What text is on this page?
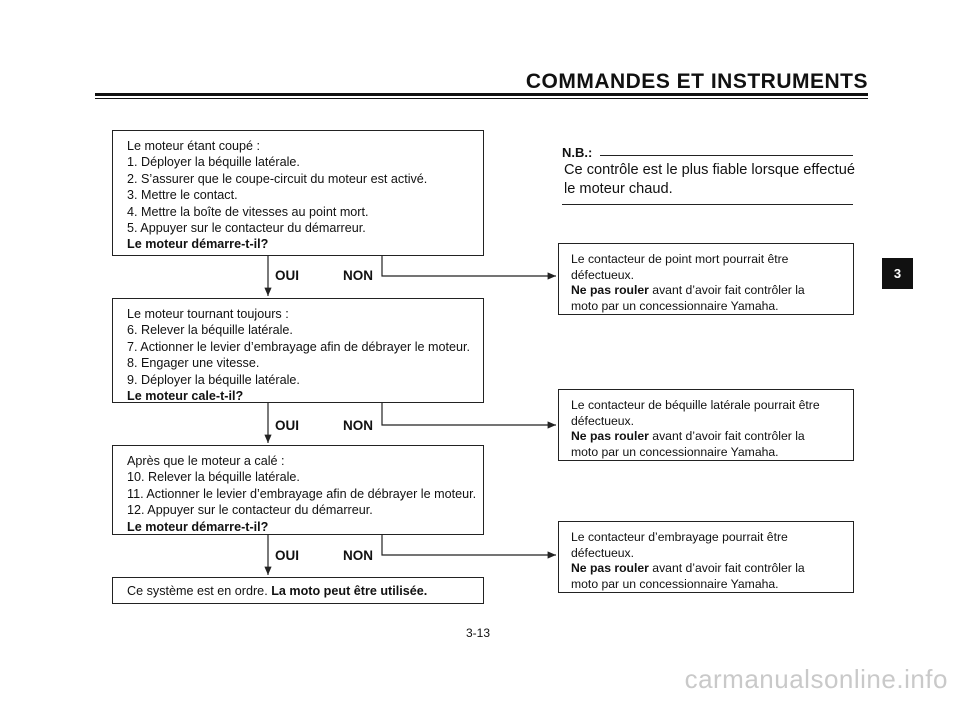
COMMANDES ET INSTRUMENTS
3
Le moteur étant coupé :
1. Déployer la béquille latérale.
2. S’assurer que le coupe-circuit du moteur est activé.
3. Mettre le contact.
4. Mettre la boîte de vitesses au point mort.
5. Appuyer sur le contacteur du démarreur.
Le moteur démarre-t-il?
OUI	NON
Le moteur tournant toujours :
6. Relever la béquille latérale.
7. Actionner le levier d’embrayage afin de débrayer le moteur.
8. Engager une vitesse.
9. Déployer la béquille latérale.
Le moteur cale-t-il?
OUI	NON
Après que le moteur a calé :
10. Relever la béquille latérale.
11. Actionner le levier d’embrayage afin de débrayer le moteur.
12. Appuyer sur le contacteur du démarreur.
Le moteur démarre-t-il?
OUI	NON
Ce système est en ordre. La moto peut être utilisée.
Le contacteur de point mort pourrait être
défectueux.
Ne pas rouler avant d’avoir fait contrôler la
moto par un concessionnaire Yamaha.
Le contacteur de béquille latérale pourrait être
défectueux.
Ne pas rouler avant d’avoir fait contrôler la
moto par un concessionnaire Yamaha.
Le contacteur d’embrayage pourrait être
défectueux.
Ne pas rouler avant d’avoir fait contrôler la
moto par un concessionnaire Yamaha.
N.B.:
Ce contrôle est le plus fiable lorsque effectué
le moteur chaud.
3-13
carmanualsonline.info
